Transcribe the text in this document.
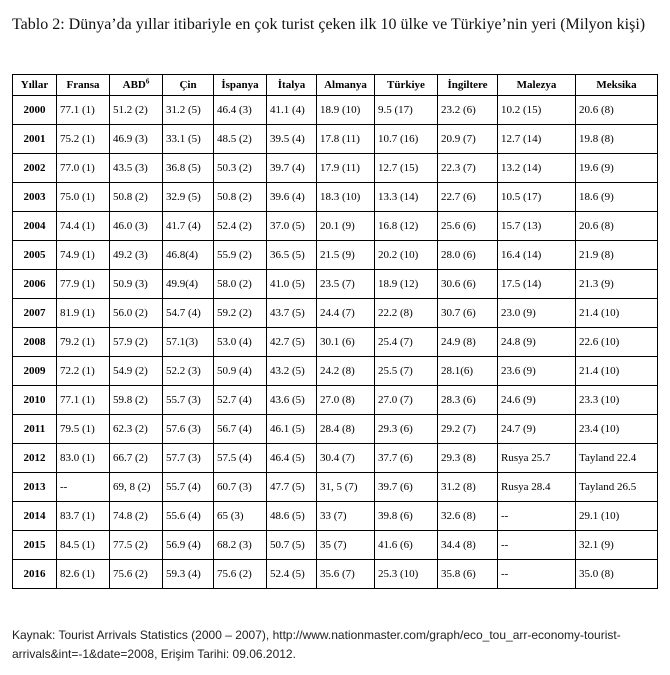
Tablo 2: Dünya’da yıllar itibariyle en çok turist çeken ilk 10 ülke ve Türkiye’nin yeri (Milyon kişi)
Yıllar	Fransa	ABD$^6$	Çin	İspanya	İtalya	Almanya	Türkiye	İngiltere	Malezya	Meksika
2000	77.1 (1)	51.2 (2)	31.2 (5)	46.4 (3)	41.1 (4)	18.9 (10)	9.5 (17)	23.2 (6)	10.2 (15)	20.6 (8)
2001	75.2 (1)	46.9 (3)	33.1 (5)	48.5 (2)	39.5 (4)	17.8 (11)	10.7 (16)	20.9 (7)	12.7 (14)	19.8 (8)
2002	77.0 (1)	43.5 (3)	36.8 (5)	50.3 (2)	39.7 (4)	17.9 (11)	12.7 (15)	22.3 (7)	13.2 (14)	19.6 (9)
2003	75.0 (1)	50.8 (2)	32.9 (5)	50.8 (2)	39.6 (4)	18.3 (10)	13.3 (14)	22.7 (6)	10.5 (17)	18.6 (9)
2004	74.4 (1)	46.0 (3)	41.7 (4)	52.4 (2)	37.0 (5)	20.1 (9)	16.8 (12)	25.6 (6)	15.7 (13)	20.6 (8)
2005	74.9 (1)	49.2 (3)	46.8(4)	55.9 (2)	36.5 (5)	21.5 (9)	20.2 (10)	28.0 (6)	16.4 (14)	21.9 (8)
2006	77.9 (1)	50.9 (3)	49.9(4)	58.0 (2)	41.0 (5)	23.5 (7)	18.9 (12)	30.6 (6)	17.5 (14)	21.3 (9)
2007	81.9 (1)	56.0 (2)	54.7 (4)	59.2 (2)	43.7 (5)	24.4 (7)	22.2 (8)	30.7 (6)	23.0 (9)	21.4 (10)
2008	79.2 (1)	57.9 (2)	57.1(3)	53.0 (4)	42.7 (5)	30.1 (6)	25.4 (7)	24.9 (8)	24.8 (9)	22.6 (10)
2009	72.2 (1)	54.9 (2)	52.2 (3)	50.9 (4)	43.2 (5)	24.2 (8)	25.5 (7)	28.1(6)	23.6 (9)	21.4 (10)
2010	77.1 (1)	59.8 (2)	55.7 (3)	52.7 (4)	43.6 (5)	27.0 (8)	27.0 (7)	28.3 (6)	24.6 (9)	23.3 (10)
2011	79.5 (1)	62.3 (2)	57.6 (3)	56.7 (4)	46.1 (5)	28.4 (8)	29.3 (6)	29.2 (7)	24.7 (9)	23.4 (10)
2012	83.0 (1)	66.7 (2)	57.7 (3)	57.5 (4)	46.4 (5)	30.4 (7)	37.7 (6)	29.3 (8)	Rusya 25.7	Tayland 22.4
2013	--	69, 8 (2)	55.7 (4)	60.7 (3)	47.7 (5)	31, 5 (7)	39.7 (6)	31.2 (8)	Rusya 28.4	Tayland 26.5
2014	83.7 (1)	74.8 (2)	55.6 (4)	65 (3)	48.6 (5)	33 (7)	39.8 (6)	32.6 (8)	--	29.1 (10)
2015	84.5 (1)	77.5 (2)	56.9 (4)	68.2 (3)	50.7 (5)	35 (7)	41.6 (6)	34.4 (8)	--	32.1 (9)
2016	82.6 (1)	75.6 (2)	59.3 (4)	75.6 (2)	52.4 (5)	35.6 (7)	25.3 (10)	35.8 (6)	--	35.0 (8)
Kaynak: Tourist Arrivals Statistics (2000 – 2007), http://www.nationmaster.com/graph/eco_tou_arr-economy-tourist-arrivals&int=-1&date=2008, Erişim Tarihi: 09.06.2012.
